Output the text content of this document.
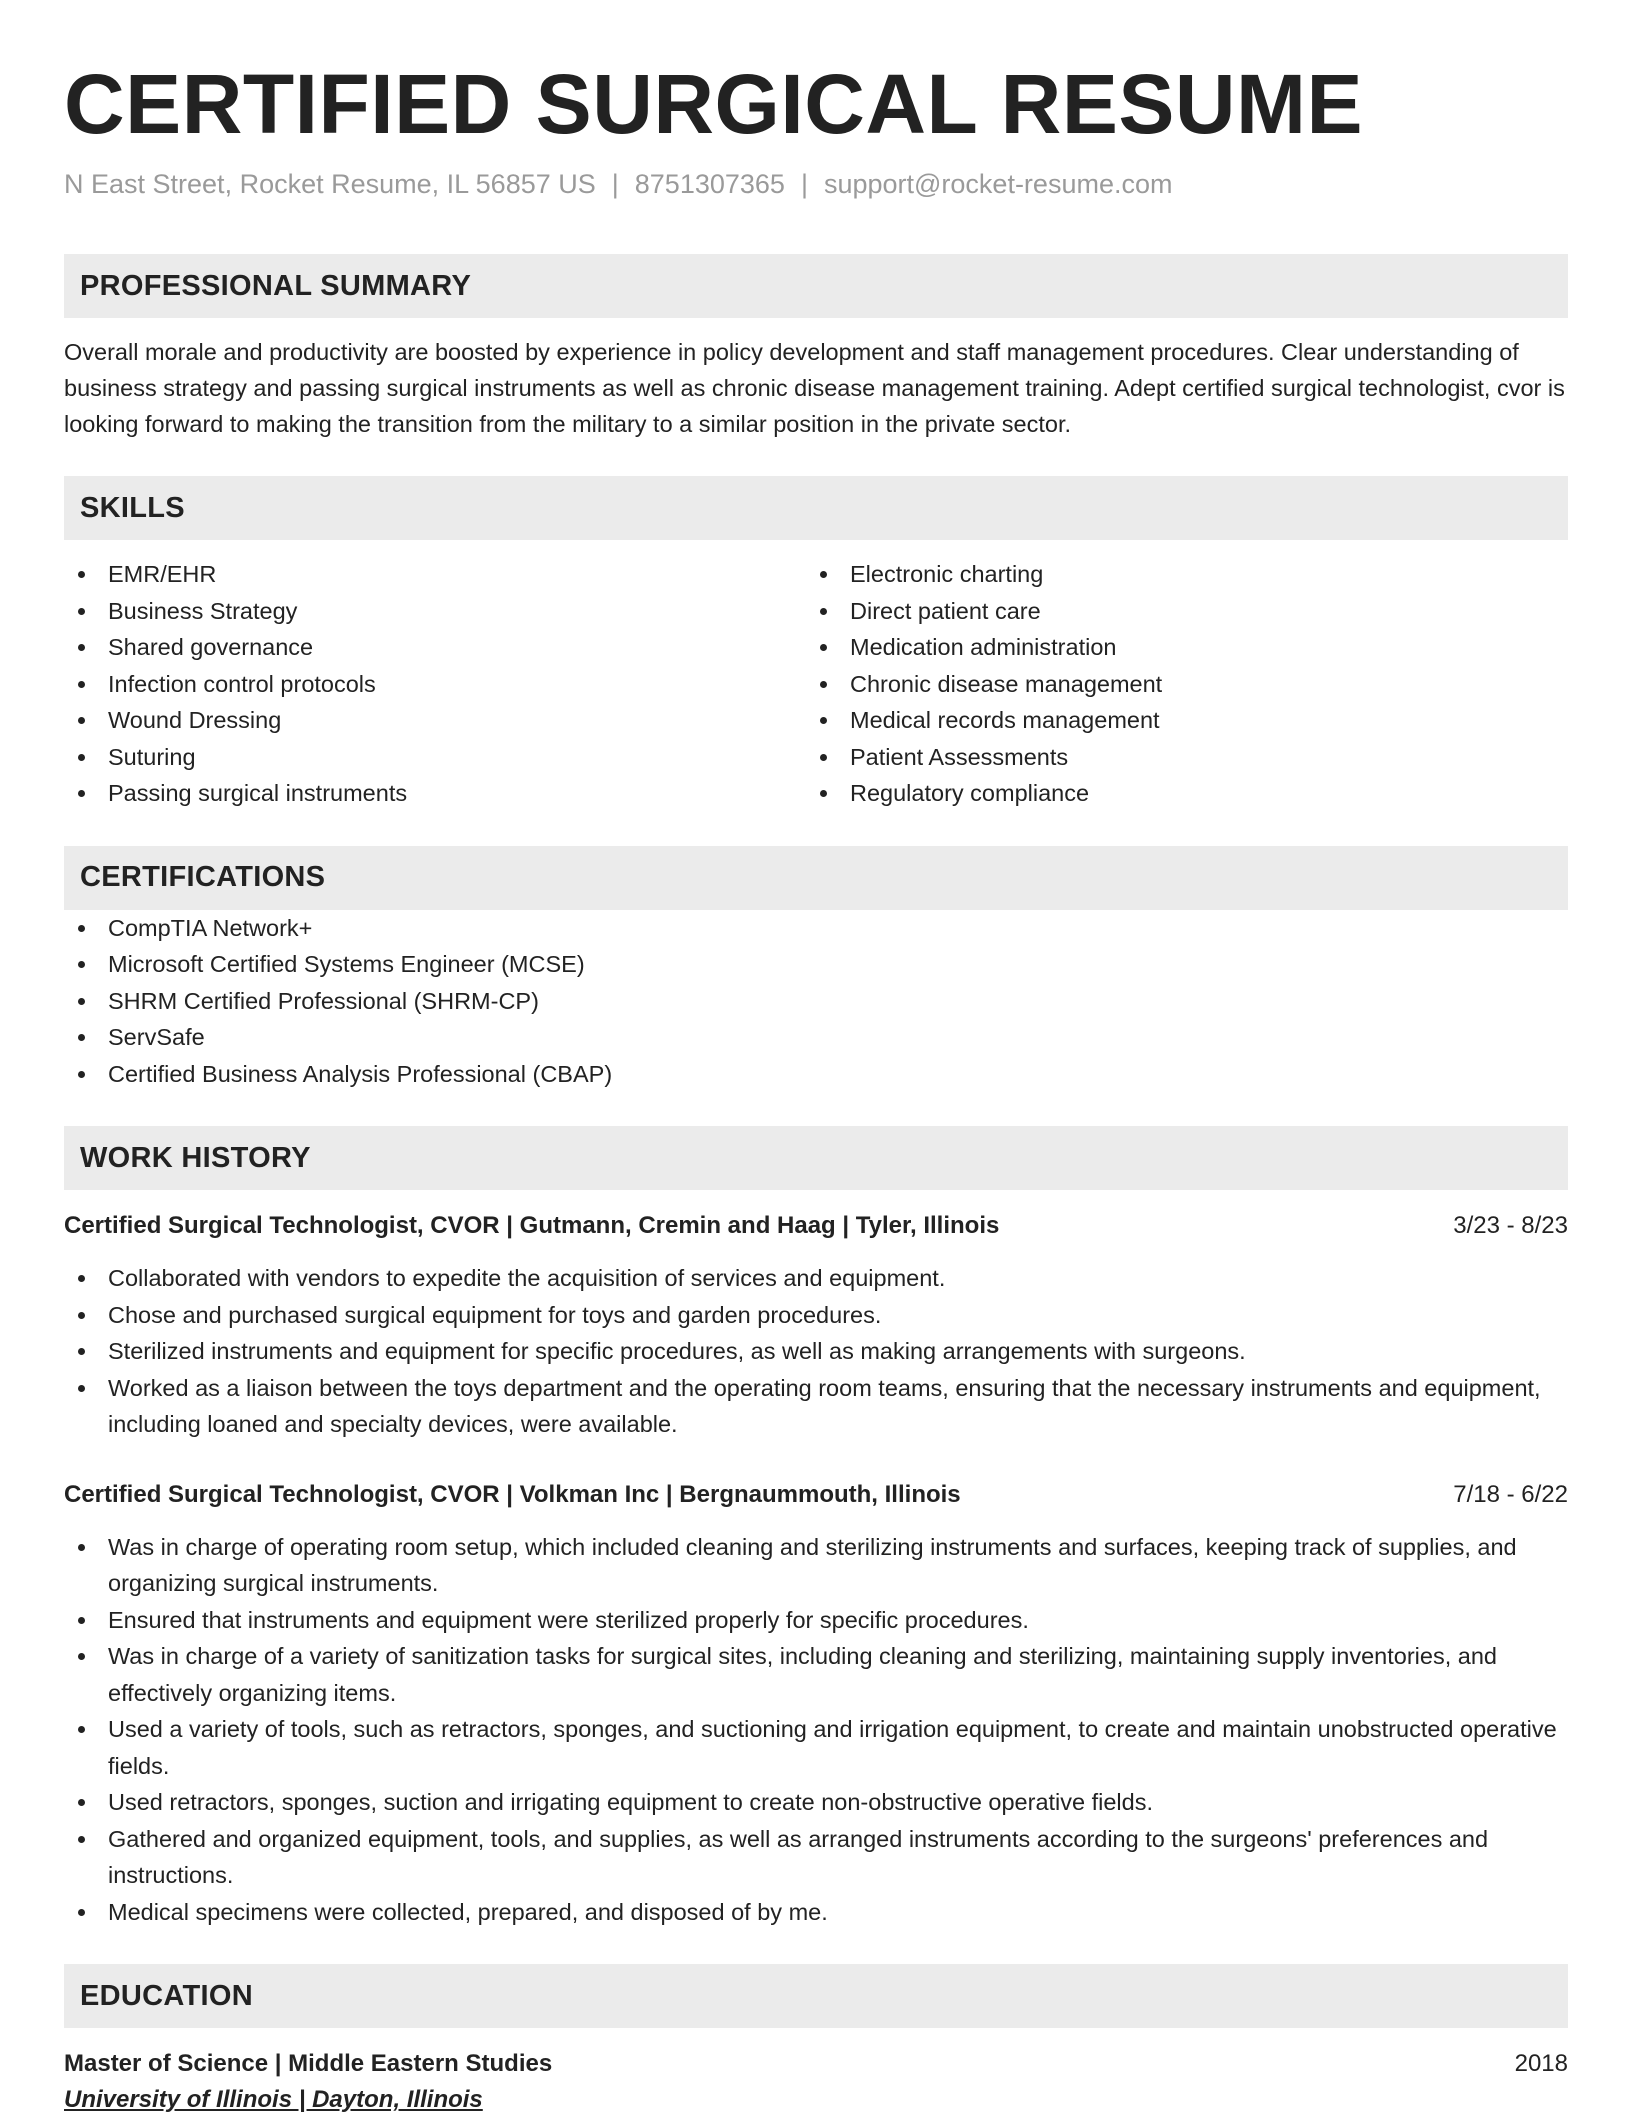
CERTIFIED SURGICAL RESUME
N East Street, Rocket Resume, IL 56857 US | 8751307365 | support@rocket-resume.com
PROFESSIONAL SUMMARY
Overall morale and productivity are boosted by experience in policy development and staff management procedures. Clear understanding of business strategy and passing surgical instruments as well as chronic disease management training. Adept certified surgical technologist, cvor is looking forward to making the transition from the military to a similar position in the private sector.
SKILLS
EMR/EHR
Business Strategy
Shared governance
Infection control protocols
Wound Dressing
Suturing
Passing surgical instruments
Electronic charting
Direct patient care
Medication administration
Chronic disease management
Medical records management
Patient Assessments
Regulatory compliance
CERTIFICATIONS
CompTIA Network+
Microsoft Certified Systems Engineer (MCSE)
SHRM Certified Professional (SHRM-CP)
ServSafe
Certified Business Analysis Professional (CBAP)
WORK HISTORY
Certified Surgical Technologist, CVOR | Gutmann, Cremin and Haag | Tyler, Illinois	3/23 - 8/23
Collaborated with vendors to expedite the acquisition of services and equipment.
Chose and purchased surgical equipment for toys and garden procedures.
Sterilized instruments and equipment for specific procedures, as well as making arrangements with surgeons.
Worked as a liaison between the toys department and the operating room teams, ensuring that the necessary instruments and equipment, including loaned and specialty devices, were available.
Certified Surgical Technologist, CVOR | Volkman Inc | Bergnaummouth, Illinois	7/18 - 6/22
Was in charge of operating room setup, which included cleaning and sterilizing instruments and surfaces, keeping track of supplies, and organizing surgical instruments.
Ensured that instruments and equipment were sterilized properly for specific procedures.
Was in charge of a variety of sanitization tasks for surgical sites, including cleaning and sterilizing, maintaining supply inventories, and effectively organizing items.
Used a variety of tools, such as retractors, sponges, and suctioning and irrigation equipment, to create and maintain unobstructed operative fields.
Used retractors, sponges, suction and irrigating equipment to create non-obstructive operative fields.
Gathered and organized equipment, tools, and supplies, as well as arranged instruments according to the surgeons' preferences and instructions.
Medical specimens were collected, prepared, and disposed of by me.
EDUCATION
Master of Science | Middle Eastern Studies	2018
University of Illinois | Dayton, Illinois
